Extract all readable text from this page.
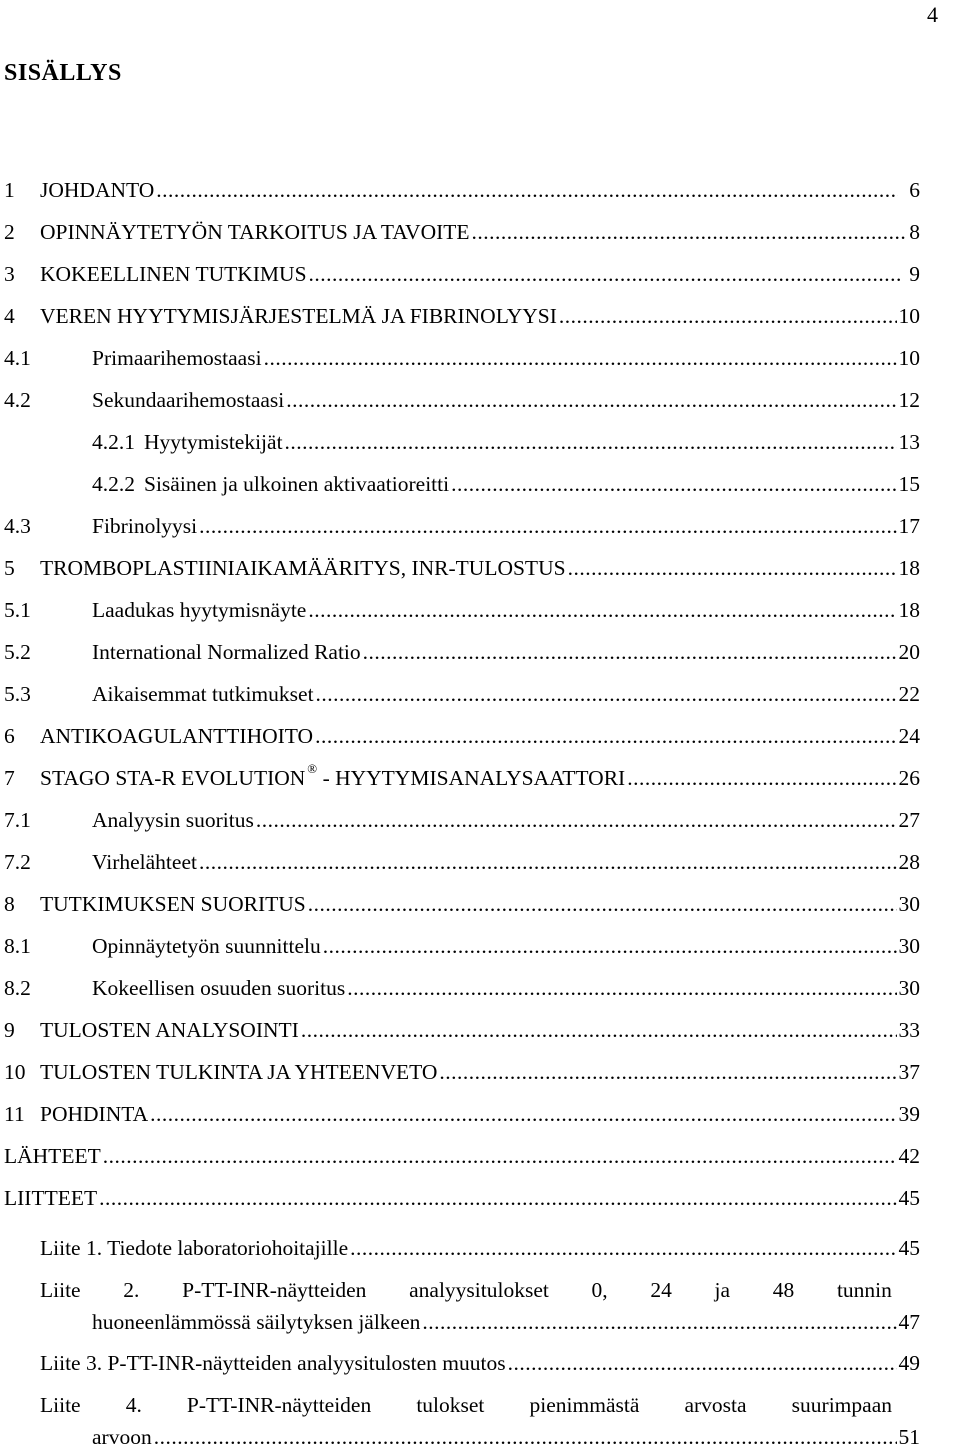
4
SISÄLLYS
1 JOHDANTO .....	6
2 OPINNÄYTETYÖN TARKOITUS JA TAVOITE .....	8
3 KOKEELLINEN TUTKIMUS .....	9
4 VEREN HYYTYMISJÄRJESTELMÄ JA FIBRINOLYYSI .....	10
4.1	Primaarihemostaasi .....	10
4.2	Sekundaarihemostaasi .....	12
4.2.1 Hyytymistekijät .....	13
4.2.2 Sisäinen ja ulkoinen aktivaatioreitti .....	15
4.3	Fibrinolyysi .....	17
5 TROMBOPLASTIINIAIKAMÄÄRITYS, INR-TULOSTUS .....	18
5.1	Laadukas hyytymisnäyte .....	18
5.2	International Normalized Ratio .....	20
5.3	Aikaisemmat tutkimukset .....	22
6 ANTIKOAGULANTTIHOITO .....	24
7 STAGO STA-R EVOLUTION ® - HYYTYMISANALYSAATTORI .....	26
7.1	Analyysin suoritus .....	27
7.2	Virhelähteet .....	28
8 TUTKIMUKSEN SUORITUS .....	30
8.1	Opinnäytetyön suunnittelu .....	30
8.2	Kokeellisen osuuden suoritus .....	30
9 TULOSTEN ANALYSOINTI .....	33
10 TULOSTEN TULKINTA JA YHTEENVETO .....	37
11 POHDINTA .....	39
LÄHTEET .....	42
LIITTEET .....	45
Liite 1. Tiedote laboratoriohoitajille .....	45
Liite 2. P-TT-INR-näytteiden analyysitulokset 0, 24 ja 48 tunnin
huoneenlämmössä säilytyksen jälkeen .....	47
Liite 3. P-TT-INR-näytteiden analyysitulosten muutos .....	49
Liite 4. P-TT-INR-näytteiden tulokset pienimmästä arvosta suurimpaan
arvoon .....	51
